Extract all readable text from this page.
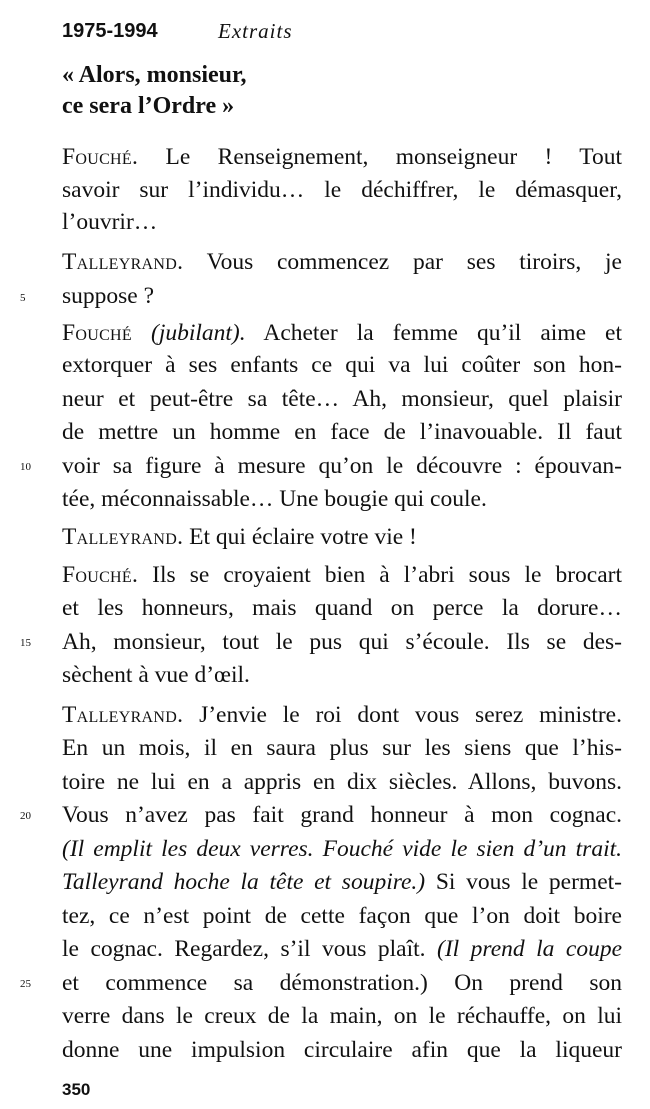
1975-1994	Extraits
« Alors, monsieur,
ce sera l’Ordre »
Fouché. Le Renseignement, monseigneur ! Tout
savoir sur l’individu… le déchiffrer, le démasquer,
l’ouvrir…
Talleyrand. Vous commencez par ses tiroirs, je
suppose ?
Fouché (jubilant). Acheter la femme qu’il aime et
extorquer à ses enfants ce qui va lui coûter son hon-
neur et peut-être sa tête… Ah, monsieur, quel plaisir
de mettre un homme en face de l’inavouable. Il faut
voir sa figure à mesure qu’on le découvre : épouvan-
tée, méconnaissable… Une bougie qui coule.
Talleyrand. Et qui éclaire votre vie !
Fouché. Ils se croyaient bien à l’abri sous le brocart
et les honneurs, mais quand on perce la dorure…
Ah, monsieur, tout le pus qui s’écoule. Ils se des-
sèchent à vue d’œil.
Talleyrand. J’envie le roi dont vous serez ministre.
En un mois, il en saura plus sur les siens que l’his-
toire ne lui en a appris en dix siècles. Allons, buvons.
Vous n’avez pas fait grand honneur à mon cognac.
(Il emplit les deux verres. Fouché vide le sien d’un trait.
Talleyrand hoche la tête et soupire.) Si vous le permet-
tez, ce n’est point de cette façon que l’on doit boire
le cognac. Regardez, s’il vous plaît. (Il prend la coupe
et commence sa démonstration.) On prend son
verre dans le creux de la main, on le réchauffe, on lui
donne une impulsion circulaire afin que la liqueur
5
10
15
20
25
350
